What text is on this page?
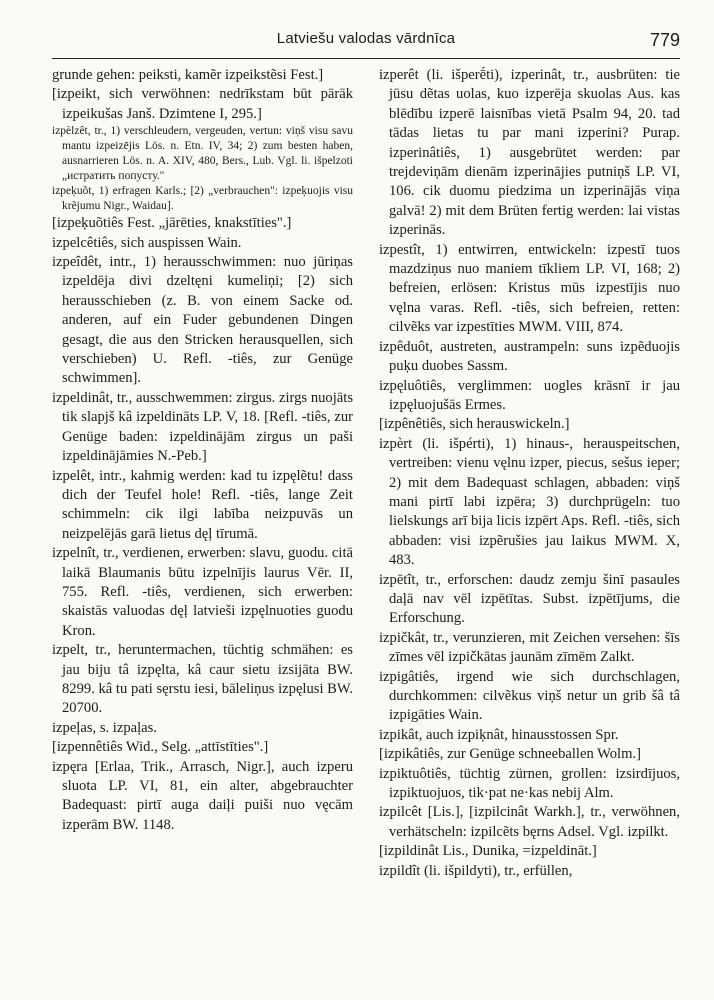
Latviešu valodas vārdnīca	779

grunde gehen: peiksti, kamẽr izpeikstẽsi Fest.]

[izpeikt, sich verwöhnen: nedrīkstam būt pārāk izpeikušas Janš. Dzimtene I, 295.]

izpèlzêt, tr., 1) verschleudern, vergeuden, vertun: viņš visu savu mantu izpeizējis Lös. n. Etn. IV, 34; 2) zum besten haben, ausnarrieren Lös. n. A. XIV, 480, Bers., Lub. Vgl. li. išpelzoti „истратить попусту."

izpeķuõt, 1) erfragen Karls.; [2) „verbrauchen": izpeķuojis visu krẽjumu Nigr., Waidau].

[izpeķuõtiês Fest. „jārēties, knakstīties".]

izpelcêtiês, sich auspissen Wain.

izpeîdêt, intr., 1) herausschwimmen: nuo jūriņas izpeldēja divi dzeltęni kumeliņi; [2) sich herausschieben (z. B. von einem Sacke od. anderen, auf ein Fuder gebundenen Dingen gesagt, die aus den Stricken herausquellen, sich verschieben) U. Refl. -tiês, zur Genüge schwimmen].

izpeldinât, tr., ausschwemmen: zirgus. zirgs nuojāts tik slapjš kâ izpeldināts LP. V, 18. [Refl. -tiês, zur Genüge baden: izpeldinājām zirgus un paši izpeldinājāmies N.-Peb.]

izpelêt, intr., kahmig werden: kad tu izpęlẽtu! dass dich der Teufel hole! Refl. -tiês, lange Zeit schimmeln: cik ilgi labība neizpuvās un neizpelējās garā lietus dęļ tīrumā.

izpelnît, tr., verdienen, erwerben: slavu, guodu. citā laikā Blaumanis būtu izpelnījis laurus Vēr. II, 755. Refl. -tiês, verdienen, sich erwerben: skaistās valuodas dęļ latvieši izpęlnuoties guodu Kron.

izpelt, tr., heruntermachen, tüchtig schmähen: es jau biju tâ izpęlta, kâ caur sietu izsijāta BW. 8299. kâ tu pati sęrstu iesi, bāleliņus izpęlusi BW. 20700.

izpeļas, s. izpaļas.

[izpennêtiês Wid., Selg. „attīstīties".]

izpęra [Erlaa, Trik., Arrasch, Nigr.], auch izperu sluota LP. VI, 81, ein alter, abgebrauchter Badequast: pirtī auga daiļi puiši nuo vęcām izperām BW. 1148.

izperêt (li. išperḗti), izperinât, tr., ausbrüten: tie jūsu dẽtas uolas, kuo izperēja skuolas Aus. kas blēdību izperē laisnības vietā Psalm 94, 20. tad tādas lietas tu par mani izperini? Purap. izperinâtiês, 1) ausgebrütet werden: par trejdeviņām dienām izperinājies putniņš LP. VI, 106. cik duomu piedzima un izperinājās viņa galvā! 2) mit dem Brüten fertig werden: lai vistas izperinās.

izpestît, 1) entwirren, entwickeln: izpestī tuos mazdziņus nuo maniem tīkliem LP. VI, 168; 2) befreien, erlösen: Kristus mūs izpestījis nuo vęlna varas. Refl. -tiês, sich befreien, retten: cilvẽks var izpestīties MWM. VIII, 874.

izpêduôt, austreten, austrampeln: suns izpẽduojis puķu duobes Sassm.

izpęluôtiês, verglimmen: uogles krāsnī ir jau izpęluojušās Ermes.

[izpênêtiês, sich herauswickeln.]

izpèrt (li. išpérti), 1) hinaus-, herauspeitschen, vertreiben: vienu vęlnu izper, piecus, sešus ieper; 2) mit dem Badequast schlagen, abbaden: viņš mani pirtī labi izpēra; 3) durchprügeln: tuo lielskungs arī bija licis izpērt Aps. Refl. -tiês, sich abbaden: visi izpẽrušies jau laikus MWM. X, 483.

izpētît, tr., erforschen: daudz zemju šinī pasaules daļā nav vēl izpētītas. Subst. izpētījums, die Erforschung.

izpičkât, tr., verunzieren, mit Zeichen versehen: šīs zīmes vēl izpičkātas jaunām zīmēm Zalkt.

izpigâtiês, irgend wie sich durchschlagen, durchkommen: cilvẽkus viņš netur un grib šâ tâ izpigāties Wain.

izpikât, auch izpiķnât, hinausstossen Spr.

[izpikâtiês, zur Genüge schneeballen Wolm.]

izpiktuôtiês, tüchtig zürnen, grollen: izsirdījuos, izpiktuojuos, tik·pat ne·kas nebij Alm.

izpilcêt [Lis.], [izpilcinât Warkh.], tr., verwöhnen, verhätscheln: izpilcẽts bęrns Adsel. Vgl. izpilkt.

[izpildinât Lis., Dunika, =izpeldināt.]

izpildît (li. išpildyti), tr., erfüllen,
